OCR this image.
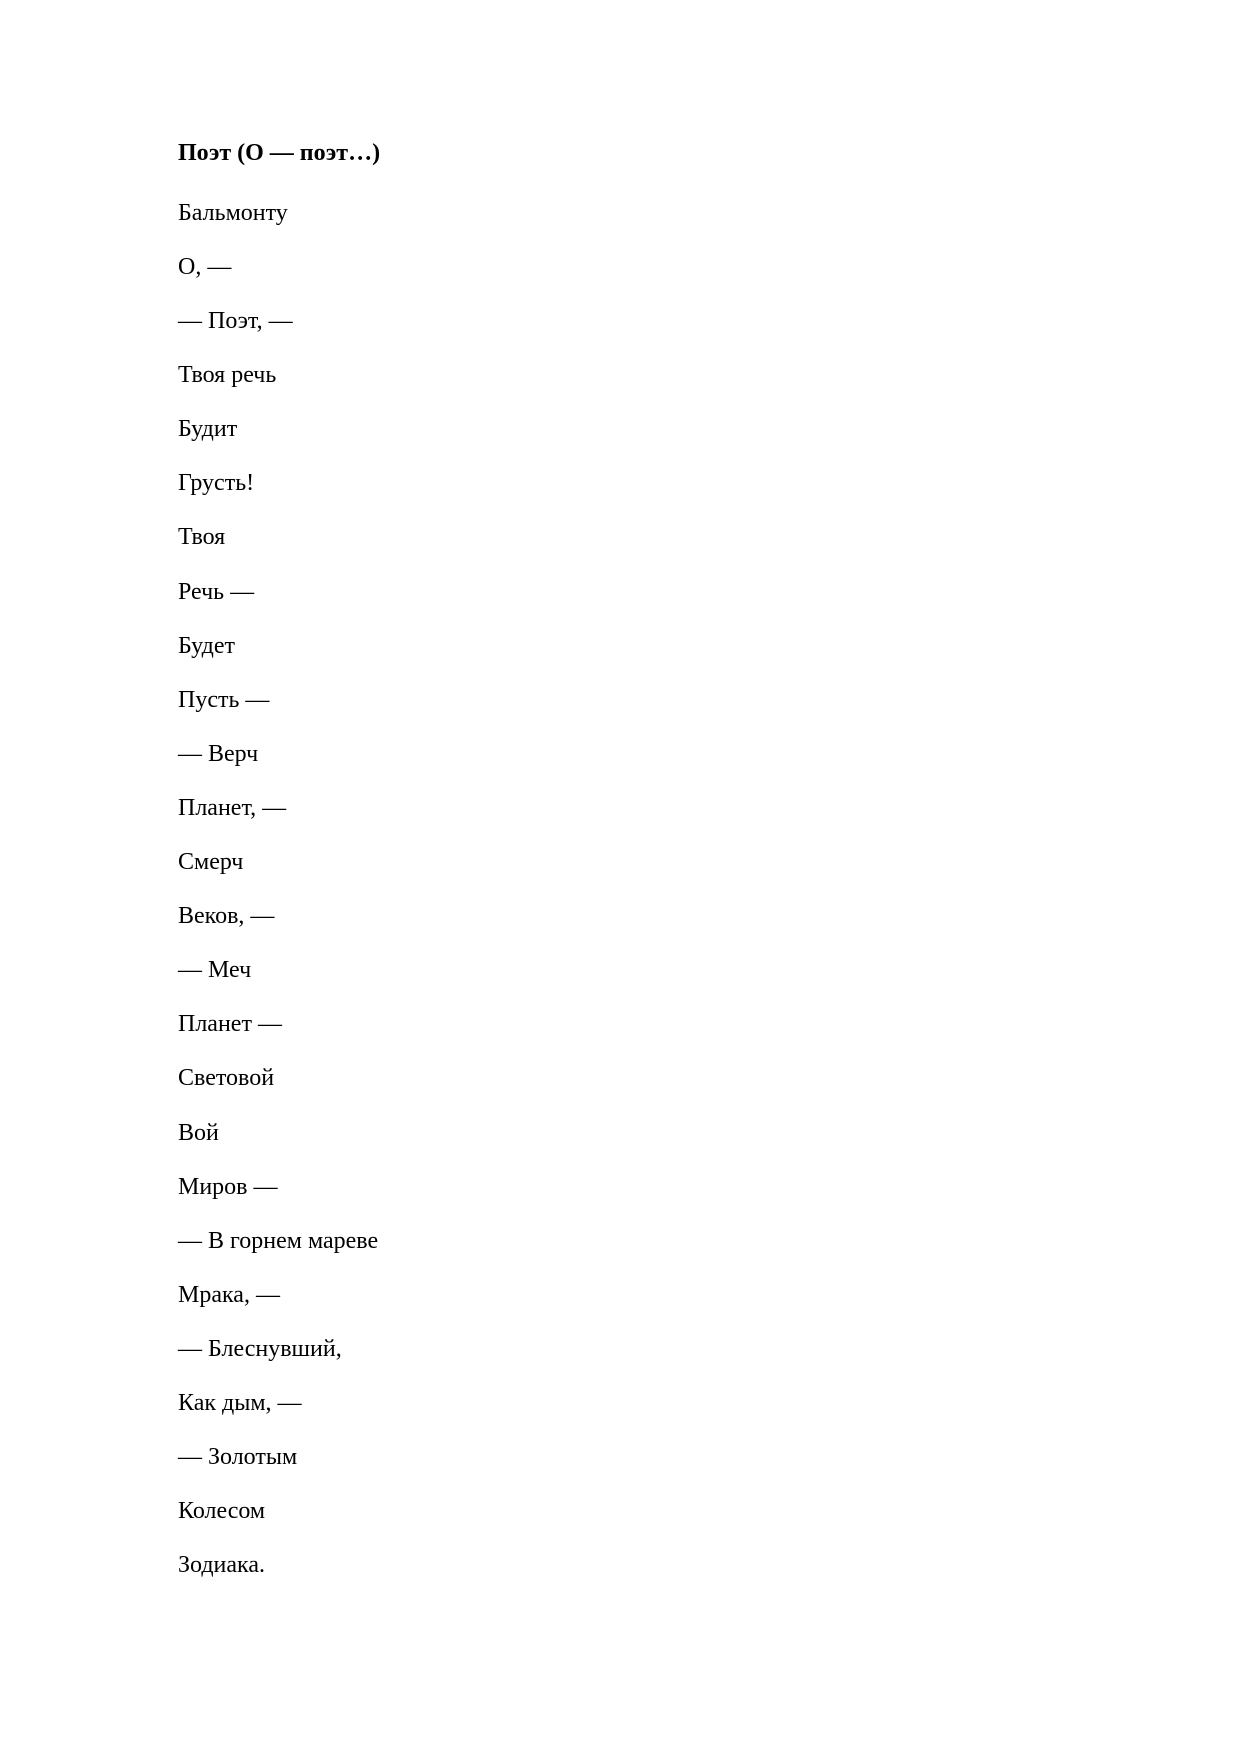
Поэт (О — поэт…)
Бальмонту
О, —
— Поэт, —
Твоя речь
Будит
Грусть!
Твоя
Речь —
Будет
Пусть —
— Верч
Планет, —
Смерч
Веков, —
— Меч
Планет —
Световой
Вой
Миров —
— В горнем мареве
Мрака, —
— Блеснувший,
Как дым, —
— Золотым
Колесом
Зодиака.
